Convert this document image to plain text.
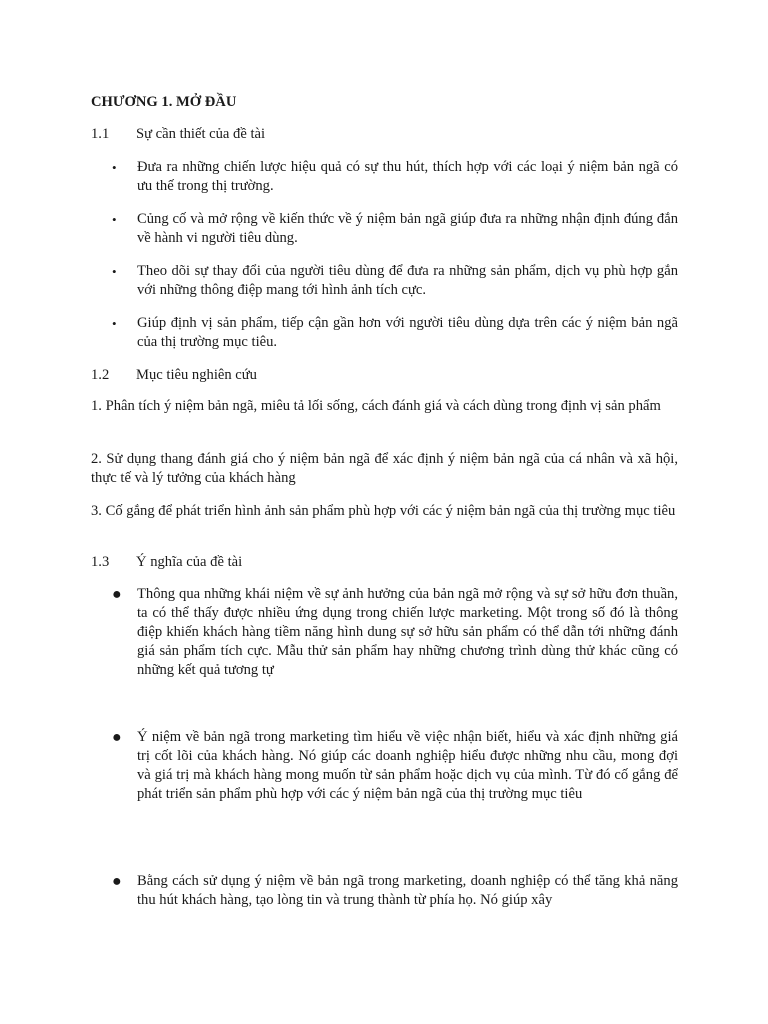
CHƯƠNG 1. MỞ ĐẦU
1.1 Sự cần thiết của đề tài
• Đưa ra những chiến lược hiệu quả có sự thu hút, thích hợp với các loại ý niệm bản ngã có ưu thế trong thị trường.
• Củng cố và mở rộng về kiến thức về ý niệm bản ngã giúp đưa ra những nhận định đúng đắn về hành vi người tiêu dùng.
• Theo dõi sự thay đổi của người tiêu dùng để đưa ra những sản phẩm, dịch vụ phù hợp gắn với những thông điệp mang tới hình ảnh tích cực.
• Giúp định vị sản phẩm, tiếp cận gần hơn với người tiêu dùng dựa trên các ý niệm bản ngã của thị trường mục tiêu.
1.2 Mục tiêu nghiên cứu
1. Phân tích ý niệm bản ngã, miêu tả lối sống, cách đánh giá và cách dùng trong định vị sản phẩm
2. Sử dụng thang đánh giá cho ý niệm bản ngã để xác định ý niệm bản ngã của cá nhân và xã hội, thực tế và lý tưởng của khách hàng
3. Cố gắng để phát triển hình ảnh sản phẩm phù hợp với các ý niệm bản ngã của thị trường mục tiêu
1.3 Ý nghĩa của đề tài
● Thông qua những khái niệm về sự ảnh hưởng của bản ngã mở rộng và sự sở hữu đơn thuần, ta có thể thấy được nhiều ứng dụng trong chiến lược marketing. Một trong số đó là thông điệp khiến khách hàng tiềm năng hình dung sự sở hữu sản phẩm có thể dẫn tới những đánh giá sản phẩm tích cực. Mẫu thử sản phẩm hay những chương trình dùng thử khác cũng có những kết quả tương tự
● Ý niệm về bản ngã trong marketing tìm hiểu về việc nhận biết, hiểu và xác định những giá trị cốt lõi của khách hàng. Nó giúp các doanh nghiệp hiểu được những nhu cầu, mong đợi và giá trị mà khách hàng mong muốn từ sản phẩm hoặc dịch vụ của mình. Từ đó cố gắng để phát triển sản phẩm phù hợp với các ý niệm bản ngã của thị trường mục tiêu
● Bằng cách sử dụng ý niệm về bản ngã trong marketing, doanh nghiệp có thể tăng khả năng thu hút khách hàng, tạo lòng tin và trung thành từ phía họ. Nó giúp xây
